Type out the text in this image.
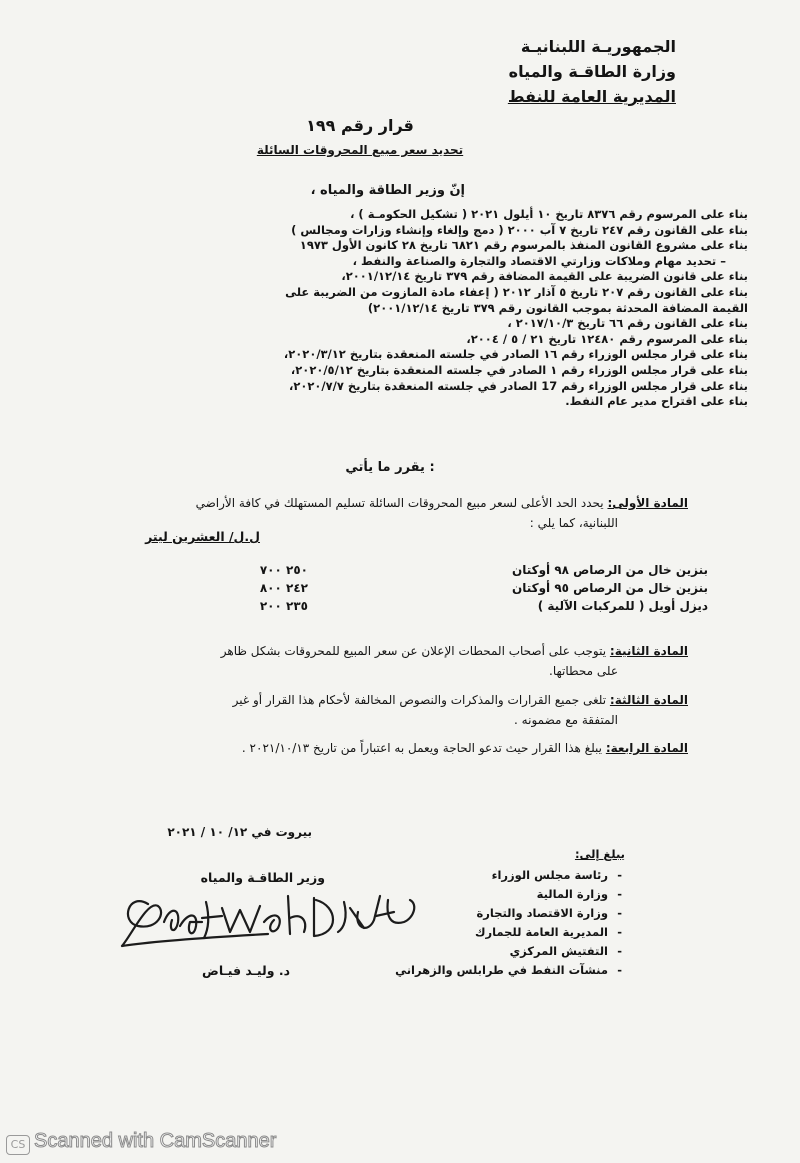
الجمهوريـة اللبنانيـة
وزارة الطاقـة والمياه
المديرية العامة للنفط
قرار رقم ١٩٩
تحديد سعر مبيع المحروقات السائلة
إنّ وزير الطاقة والمياه ،
بناء على المرسوم رقم ٨٣٧٦ تاريخ ١٠ أيلول ٢٠٢١ ( تشكيل الحكومـة ) ،
بناء على القانون رقم ٢٤٧ تاريخ ٧ آب ٢٠٠٠ ( دمج وإلغاء وإنشاء وزارات ومجالس )
بناء على مشروع القانون المنفذ بالمرسوم رقم ٦٨٢١ تاريخ ٢٨ كانون الأول ١٩٧٣
– تحديد مهام وملاكات وزارتي الاقتصاد والتجارة والصناعة والنفط ،
بناء على قانون الضريبة على القيمة المضافة رقم ٣٧٩ تاريخ ٢٠٠١/١٢/١٤،
بناء على القانون رقم ٢٠٧ تاريخ ٥ آذار ٢٠١٢ ( إعفاء مادة المازوت من الضريبة على
القيمة المضافة المحدثة بموجب القانون رقم ٣٧٩ تاريخ ٢٠٠١/١٢/١٤)
بناء على القانون رقم ٦٦ تاريخ ٢٠١٧/١٠/٣ ،
بناء على المرسوم رقم ١٢٤٨٠ تاريخ ٢١ / ٥ / ٢٠٠٤،
بناء على قرار مجلس الوزراء رقم ١٦ الصادر في جلسته المنعقدة بتاريخ ٢٠٢٠/٣/١٢،
بناء على قرار مجلس الوزراء رقم ١ الصادر في جلسته المنعقدة بتاريخ ٢٠٢٠/٥/١٢،
بناء على قرار مجلس الوزراء رقم 17 الصادر في جلسته المنعقدة بتاريخ ٢٠٢٠/٧/٧،
بناء على اقتراح مدير عام النفط.
يقرر ما يأتي :
المادة الأولى: يحدد الحد الأعلى لسعر مبيع المحروقات السائلة تسليم المستهلك في كافة الأراضي
اللبنانية، كما يلي :
ل.ل/ العشرين ليتر
بنزين خال من الرصاص ٩٨ أوكتان
٢٥٠ ٧٠٠
بنزين خال من الرصاص ٩٥ أوكتان
٢٤٢ ٨٠٠
ديزل أويل ( للمركبات الآلية )
٢٣٥ ٢٠٠
المادة الثانية: يتوجب على أصحاب المحطات الإعلان عن سعر المبيع للمحروقات بشكل ظاهر
على محطاتها.
المادة الثالثة: تلغى جميع القرارات والمذكرات والنصوص المخالفة لأحكام هذا القرار أو غير
المتفقة مع مضمونه .
المادة الرابعة: يبلغ هذا القرار حيث تدعو الحاجة ويعمل به اعتباراً من تاريخ ٢٠٢١/١٠/١٣ .
بيروت في ١٢/ ١٠ / ٢٠٢١
يبلغ إلى:
- رئاسة مجلس الوزراء
- وزارة المالية
- وزارة الاقتصاد والتجارة
- المديرية العامة للجمارك
- التفتيش المركزي
- منشآت النفط في طرابلس والزهراني
وزير الطاقـة والمياه
د. وليـد فيـاض
CS Scanned with CamScanner
